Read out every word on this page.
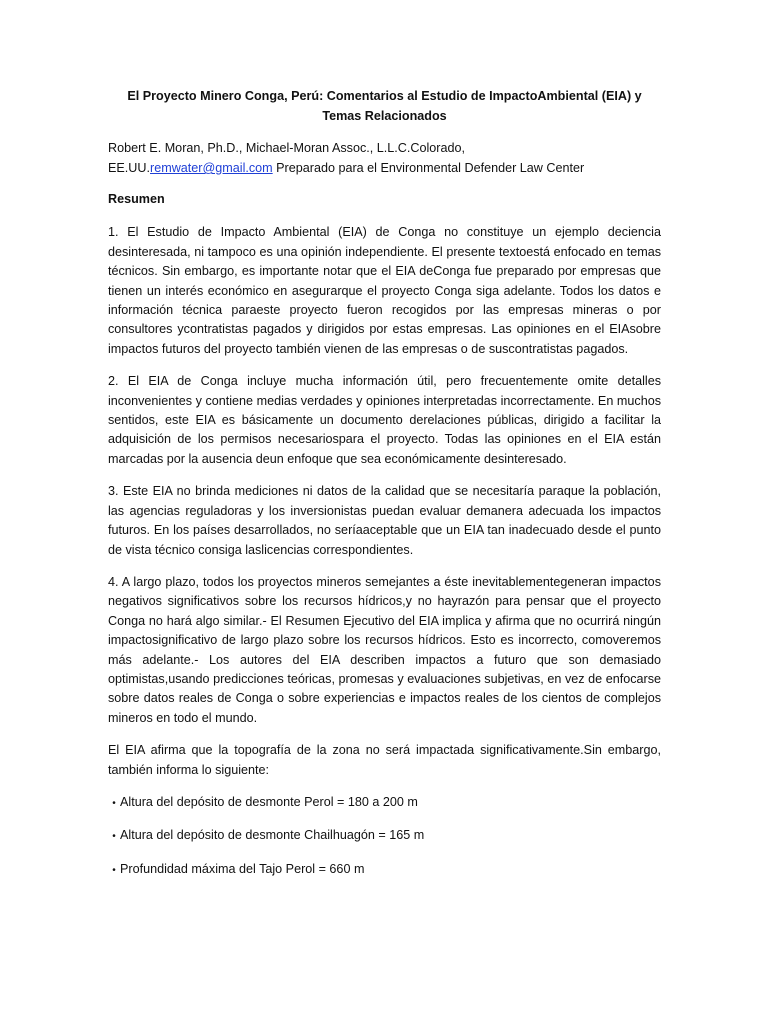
El Proyecto Minero Conga, Perú: Comentarios al Estudio de ImpactoAmbiental (EIA) y Temas Relacionados
Robert E. Moran, Ph.D., Michael-Moran Assoc., L.L.C.Colorado,
EE.UU.remwater@gmail.com Preparado para el Environmental Defender Law Center
Resumen

1. El Estudio de Impacto Ambiental (EIA) de Conga no constituye un ejemplo deciencia desinteresada, ni tampoco es una opinión independiente. El presente textoestá enfocado en temas técnicos. Sin embargo, es importante notar que el EIA deConga fue preparado por empresas que tienen un interés económico en asegurarque el proyecto Conga siga adelante. Todos los datos e información técnica paraeste proyecto fueron recogidos por las empresas mineras o por consultores ycontratistas pagados y dirigidos por estas empresas. Las opiniones en el EIAsobre impactos futuros del proyecto también vienen de las empresas o de suscontratistas pagados.

2. El EIA de Conga incluye mucha información útil, pero frecuentemente omite detalles inconvenientes y contiene medias verdades y opiniones interpretadas incorrectamente. En muchos sentidos, este EIA es básicamente un documento derelaciones públicas, dirigido a facilitar la adquisición de los permisos necesariospara el proyecto. Todas las opiniones en el EIA están marcadas por la ausencia deun enfoque que sea económicamente desinteresado.

3. Este EIA no brinda mediciones ni datos de la calidad que se necesitaría paraque la población, las agencias reguladoras y los inversionistas puedan evaluar demanera adecuada los impactos futuros. En los países desarrollados, no seríaaceptable que un EIA tan inadecuado desde el punto de vista técnico consiga laslicencias correspondientes.

4. A largo plazo, todos los proyectos mineros semejantes a éste inevitablementegeneran impactos negativos significativos sobre los recursos hídricos,y no hayrazón para pensar que el proyecto Conga no hará algo similar.- El Resumen Ejecutivo del EIA implica y afirma que no ocurrirá ningún impactosignificativo de largo plazo sobre los recursos hídricos. Esto es incorrecto, comoveremos más adelante.- Los autores del EIA describen impactos a futuro que son demasiado optimistas,usando predicciones teóricas, promesas y evaluaciones subjetivas, en vez de enfocarse sobre datos reales de Conga o sobre experiencias e impactos reales de los cientos de complejos mineros en todo el mundo.

El EIA afirma que la topografía de la zona no será impactada significativamente.Sin embargo, también informa lo siguiente:

• Altura del depósito de desmonte Perol = 180 a 200 m
• Altura del depósito de desmonte Chailhuagón = 165 m
• Profundidad máxima del Tajo Perol = 660 m
